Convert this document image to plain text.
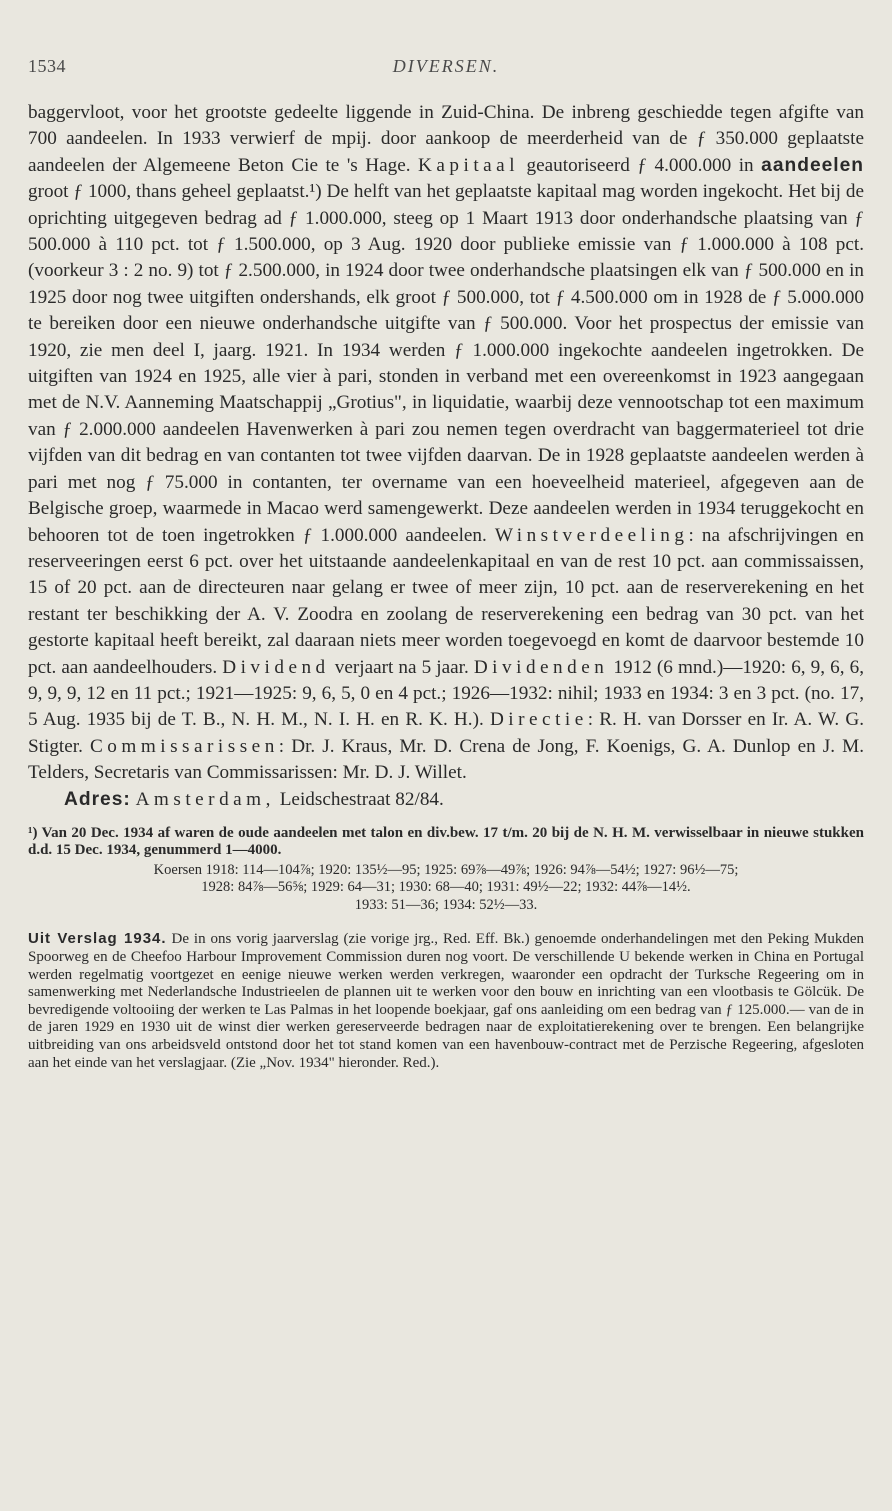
1534	DIVERSEN.

baggervloot, voor het grootste gedeelte liggende in Zuid-China. De inbreng geschiedde tegen afgifte van 700 aandeelen. In 1933 verwierf de mpij. door aankoop de meerderheid van de ƒ 350.000 geplaatste aandeelen der Algemeene Beton Cie te 's Hage. Kapitaal geautoriseerd ƒ 4.000.000 in aandeelen groot ƒ 1000, thans geheel geplaatst.¹) De helft van het geplaatste kapitaal mag worden ingekocht. Het bij de oprichting uitgegeven bedrag ad ƒ 1.000.000, steeg op 1 Maart 1913 door onderhandsche plaatsing van ƒ 500.000 à 110 pct. tot ƒ 1.500.000, op 3 Aug. 1920 door publieke emissie van ƒ 1.000.000 à 108 pct. (voorkeur 3 : 2 no. 9) tot ƒ 2.500.000, in 1924 door twee onderhandsche plaatsingen elk van ƒ 500.000 en in 1925 door nog twee uitgiften ondershands, elk groot ƒ 500.000, tot ƒ 4.500.000 om in 1928 de ƒ 5.000.000 te bereiken door een nieuwe onderhandsche uitgifte van ƒ 500.000. Voor het prospectus der emissie van 1920, zie men deel I, jaarg. 1921. In 1934 werden ƒ 1.000.000 ingekochte aandeelen ingetrokken. De uitgiften van 1924 en 1925, alle vier à pari, stonden in verband met een overeenkomst in 1923 aangegaan met de N.V. Aanneming Maatschappij „Grotius", in liquidatie, waarbij deze vennootschap tot een maximum van ƒ 2.000.000 aandeelen Havenwerken à pari zou nemen tegen overdracht van baggermaterieel tot drie vijfden van dit bedrag en van contanten tot twee vijfden daarvan. De in 1928 geplaatste aandeelen werden à pari met nog ƒ 75.000 in contanten, ter overname van een hoeveelheid materieel, afgegeven aan de Belgische groep, waarmede in Macao werd samengewerkt. Deze aandeelen werden in 1934 teruggekocht en behooren tot de toen ingetrokken ƒ 1.000.000 aandeelen. Winstverdeeling: na afschrijvingen en reserveeringen eerst 6 pct. over het uitstaande aandeelenkapitaal en van de rest 10 pct. aan commissaissen, 15 of 20 pct. aan de directeuren naar gelang er twee of meer zijn, 10 pct. aan de reserverekening en het restant ter beschikking der A. V. Zoodra en zoolang de reserverekening een bedrag van 30 pct. van het gestorte kapitaal heeft bereikt, zal daaraan niets meer worden toegevoegd en komt de daarvoor bestemde 10 pct. aan aandeelhouders. Dividend verjaart na 5 jaar. Dividenden 1912 (6 mnd.)—1920: 6, 9, 6, 6, 9, 9, 9, 12 en 11 pct.; 1921—1925: 9, 6, 5, 0 en 4 pct.; 1926—1932: nihil; 1933 en 1934: 3 en 3 pct. (no. 17, 5 Aug. 1935 bij de T. B., N. H. M., N. I. H. en R. K. H.). Directie: R. H. van Dorsser en Ir. A. W. G. Stigter. Commissarissen: Dr. J. Kraus, Mr. D. Crena de Jong, F. Koenigs, G. A. Dunlop en J. M. Telders, Secretaris van Commissarissen: Mr. D. J. Willet.

Adres: Amsterdam, Leidschestraat 82/84.

¹) Van 20 Dec. 1934 af waren de oude aandeelen met talon en div.bew. 17 t/m. 20 bij de N. H. M. verwisselbaar in nieuwe stukken d.d. 15 Dec. 1934, genummerd 1—4000.

Koersen 1918: 114—104⅞; 1920: 135½—95; 1925: 69⅞—49⅞; 1926: 94⅞—54½; 1927: 96½—75;
1928: 84⅞—56⅝; 1929: 64—31; 1930: 68—40; 1931: 49½—22; 1932: 44⅞—14½.
1933: 51—36; 1934: 52½—33.

Uit Verslag 1934. De in ons vorig jaarverslag (zie vorige jrg., Red. Eff. Bk.) genoemde onderhandelingen met den Peking Mukden Spoorweg en de Cheefoo Harbour Improvement Commission duren nog voort. De verschillende U bekende werken in China en Portugal werden regelmatig voortgezet en eenige nieuwe werken werden verkregen, waaronder een opdracht der Turksche Regeering om in samenwerking met Nederlandsche Industrieelen de plannen uit te werken voor den bouw en inrichting van een vlootbasis te Gölcük. De bevredigende voltooiing der werken te Las Palmas in het loopende boekjaar, gaf ons aanleiding om een bedrag van ƒ 125.000.— van de in de jaren 1929 en 1930 uit de winst dier werken gereserveerde bedragen naar de exploitatierekening over te brengen. Een belangrijke uitbreiding van ons arbeidsveld ontstond door het tot stand komen van een havenbouw-contract met de Perzische Regeering, afgesloten aan het einde van het verslagjaar. (Zie „Nov. 1934" hieronder. Red.).
